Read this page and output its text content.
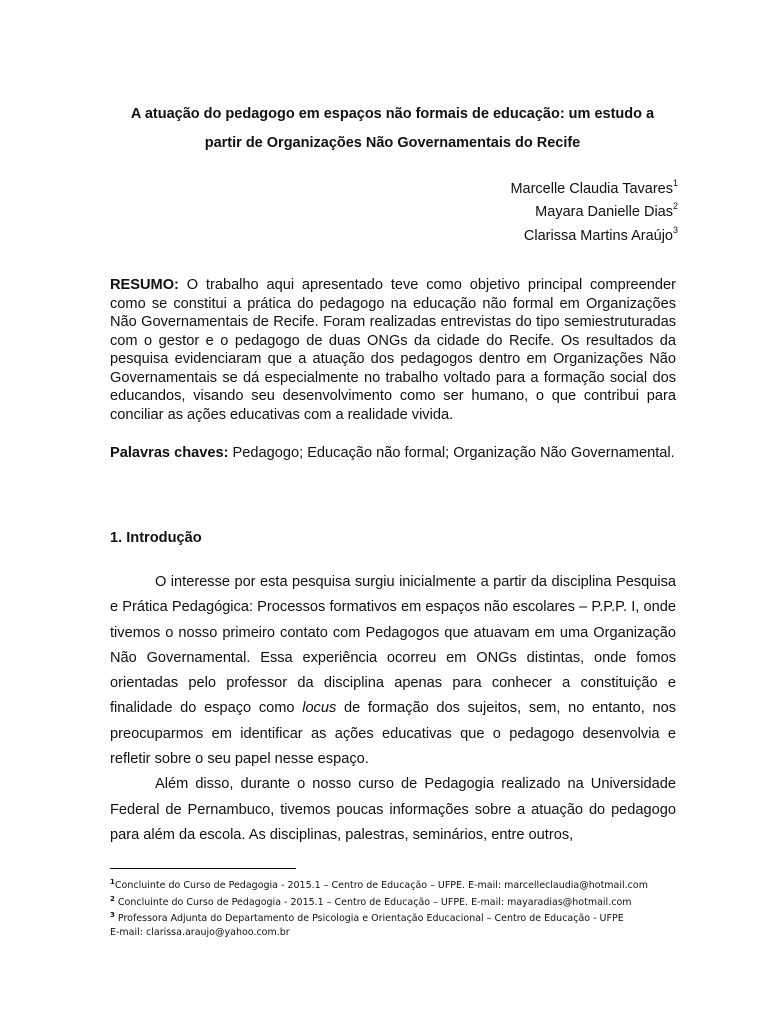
A atuação do pedagogo em espaços não formais de educação: um estudo a
partir de Organizações Não Governamentais do Recife
Marcelle Claudia Tavares$^1$
Mayara Danielle Dias$^2$
Clarissa Martins Araújo$^3$
RESUMO: O trabalho aqui apresentado teve como objetivo principal compreender como se constitui a prática do pedagogo na educação não formal em Organizações Não Governamentais de Recife. Foram realizadas entrevistas do tipo semiestruturadas com o gestor e o pedagogo de duas ONGs da cidade do Recife. Os resultados da pesquisa evidenciaram que a atuação dos pedagogos dentro em Organizações Não Governamentais se dá especialmente no trabalho voltado para a formação social dos educandos, visando seu desenvolvimento como ser humano, o que contribui para conciliar as ações educativas com a realidade vivida.
Palavras chaves: Pedagogo; Educação não formal; Organização Não Governamental.
1. Introdução

O interesse por esta pesquisa surgiu inicialmente a partir da disciplina Pesquisa e Prática Pedagógica: Processos formativos em espaços não escolares – P.P.P. I, onde tivemos o nosso primeiro contato com Pedagogos que atuavam em uma Organização Não Governamental. Essa experiência ocorreu em ONGs distintas, onde fomos orientadas pelo professor da disciplina apenas para conhecer a constituição e finalidade do espaço como locus de formação dos sujeitos, sem, no entanto, nos preocuparmos em identificar as ações educativas que o pedagogo desenvolvia e refletir sobre o seu papel nesse espaço.

Além disso, durante o nosso curso de Pedagogia realizado na Universidade Federal de Pernambuco, tivemos poucas informações sobre a atuação do pedagogo para além da escola. As disciplinas, palestras, seminários, entre outros,

$^1$Concluinte do Curso de Pedagogia - 2015.1 – Centro de Educação – UFPE. E-mail: marcelleclaudia@hotmail.com
$^2$ Concluinte do Curso de Pedagogia - 2015.1 – Centro de Educação – UFPE. E-mail: mayaradias@hotmail.com
$^3$ Professora Adjunta do Departamento de Psicologia e Orientação Educacional – Centro de Educação - UFPE
E-mail: clarissa.araujo@yahoo.com.br
